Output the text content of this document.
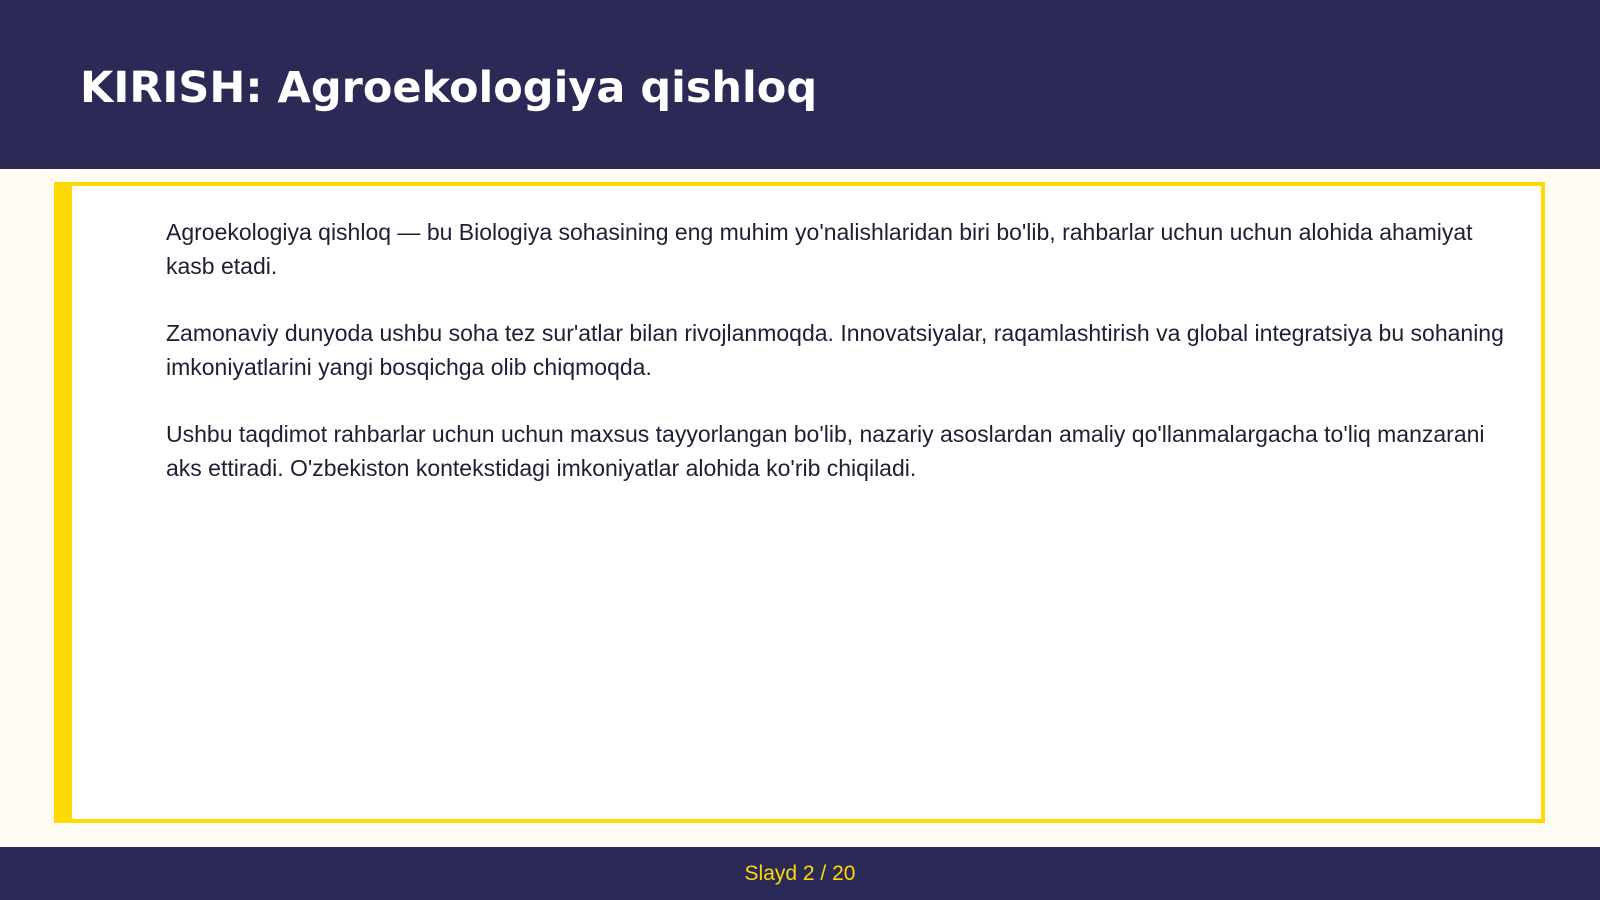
KIRISH: Agroekologiya qishloq

Agroekologiya qishloq — bu Biologiya sohasining eng muhim yo'nalishlaridan biri bo'lib, rahbarlar uchun uchun alohida ahamiyat kasb etadi.

Zamonaviy dunyoda ushbu soha tez sur'atlar bilan rivojlanmoqda. Innovatsiyalar, raqamlashtirish va global integratsiya bu sohaning imkoniyatlarini yangi bosqichga olib chiqmoqda.

Ushbu taqdimot rahbarlar uchun uchun maxsus tayyorlangan bo'lib, nazariy asoslardan amaliy qo'llanmalargacha to'liq manzarani aks ettiradi. O'zbekiston kontekstidagi imkoniyatlar alohida ko'rib chiqiladi.

Slayd 2 / 20
